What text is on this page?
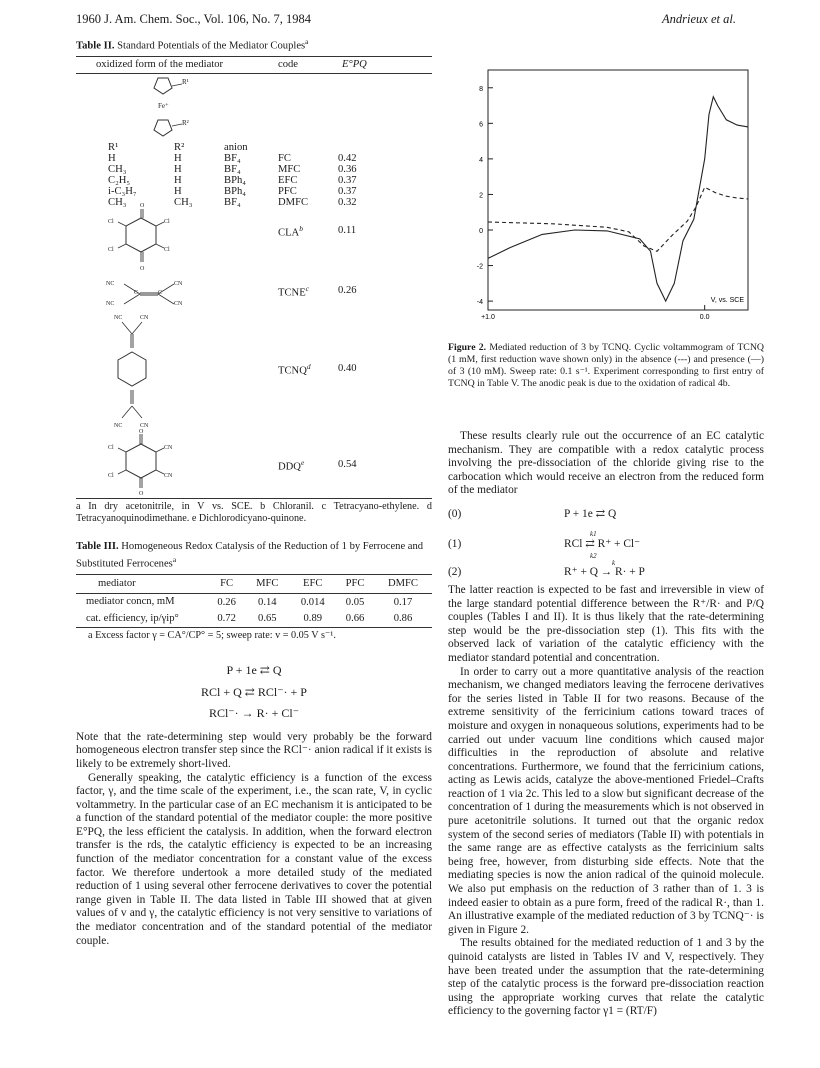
1960 J. Am. Chem. Soc., Vol. 106, No. 7, 1984	Andrieux et al.
Table II. Standard Potentials of the Mediator Couples$^a$
oxidized form of the mediator	code	E°PQ
R¹
Fe⁺
R²
R¹	R²	anion
H	H	BF₄	FC	0.42
CH₃	H	BF₄	MFC	0.36
C₂H₅	H	BPh₄	EFC	0.37
i-C₃H₇	H	BPh₄	PFC	0.37
CH₃	CH₃	BF₄	DMFC	0.32
O
Cl
Cl
Cl
Cl
O
CLA$^b$	0.11
NC
NC
C	C
CN
CN
TCNE$^c$	0.26
NC	CN
NC	CN
TCNQ$^d$	0.40
O
CN
CN
Cl
Cl
O
DDQ$^e$	0.54
a In dry acetonitrile, in V vs. SCE. b Chloranil. c Tetracyano-ethylene. d Tetracyanoquinodimethane. e Dichlorodicyano-quinone.
Table III. Homogeneous Redox Catalysis of the Reduction of 1 by Ferrocene and Substituted Ferrocenes$^a$
mediator	FC	MFC	EFC	PFC	DMFC
mediator concn, mM	0.26	0.14	0.014	0.05	0.17
cat. efficiency, ip/γip°	0.72	0.65	0.89	0.66	0.86
a Excess factor γ = CA°/CP° = 5; sweep rate: v = 0.05 V s⁻¹.
P + 1e ⇄ Q
RCl + Q ⇄ RCl⁻· + P
RCl⁻· → R· + Cl⁻

Note that the rate-determining step would very probably be the forward homogeneous electron transfer step since the RCl⁻· anion radical if it exists is likely to be extremely short-lived.

Generally speaking, the catalytic efficiency is a function of the excess factor, γ, and the time scale of the experiment, i.e., the scan rate, V, in cyclic voltammetry. In the particular case of an EC mechanism it is anticipated to be a function of the standard potential of the mediator couple: the more positive E°PQ, the less efficient the catalysis. In addition, when the forward electron transfer is the rds, the catalytic efficiency is expected to be an increasing function of the mediator concentration for a constant value of the excess factor. We therefore undertook a more detailed study of the mediated reduction of 1 using several other ferrocene derivatives to cover the potential range given in Table II. The data listed in Table III showed that at given values of v and γ, the catalytic efficiency is not very sensitive to variations of the mediator concentration and of the standard potential of the mediator couple.

8
6
4
2
0
-2
-4
+1.0	0.0
V, vs. SCE
Figure 2. Mediated reduction of 3 by TCNQ. Cyclic voltammogram of TCNQ (1 mM, first reduction wave shown only) in the absence (---) and presence (—) of 3 (10 mM). Sweep rate: 0.1 s⁻¹. Experiment corresponding to first entry of TCNQ in Table V. The anodic peak is due to the oxidation of radical 4b.

These results clearly rule out the occurrence of an EC catalytic mechanism. They are compatible with a redox catalytic process involving the pre-dissociation of the chloride giving rise to the carbocation which would receive an electron from the reduced form of the mediator

(0)	P + 1e ⇄ Q
(1)
k1
RCl ⇄ R⁺ + Cl⁻
k2
(2)
k
R⁺ + Q → R· + P

The latter reaction is expected to be fast and irreversible in view of the large standard potential difference between the R⁺/R· and P/Q couples (Tables I and II). It is thus likely that the rate-determining step would be the pre-dissociation step (1). This fits with the observed lack of variation of the catalytic efficiency with the mediator standard potential and concentration.

In order to carry out a more quantitative analysis of the reaction mechanism, we changed mediators leaving the ferrocene derivatives for the series listed in Table II for two reasons. Because of the extreme sensitivity of the ferricinium cations toward traces of moisture and oxygen in nonaqueous solutions, experiments had to be carried out under vacuum line conditions which caused major difficulties in the reproduction of absolute and relative concentrations. Furthermore, we found that the ferricinium cations, acting as Lewis acids, catalyze the above-mentioned Friedel–Crafts reaction of 1 via 2c. This led to a slow but significant decrease of the concentration of 1 during the measurements which is not observed in pure acetonitrile solutions. It turned out that the organic redox system of the second series of mediators (Table II) with potentials in the same range are as effective catalysts as the ferricinium salts being free, however, from disturbing side effects. Note that the mediating species is now the anion radical of the quinoid molecule. We also put emphasis on the reduction of 3 rather than of 1. 3 is indeed easier to obtain as a pure form, freed of the radical R·, than 1. An illustrative example of the mediated reduction of 3 by TCNQ⁻· is given in Figure 2.

The results obtained for the mediated reduction of 1 and 3 by the quinoid catalysts are listed in Tables IV and V, respectively. They have been treated under the assumption that the rate-determining step of the catalytic process is the forward pre-dissociation reaction using the appropriate working curves that relate the catalytic efficiency to the governing factor γ1 = (RT/F)
